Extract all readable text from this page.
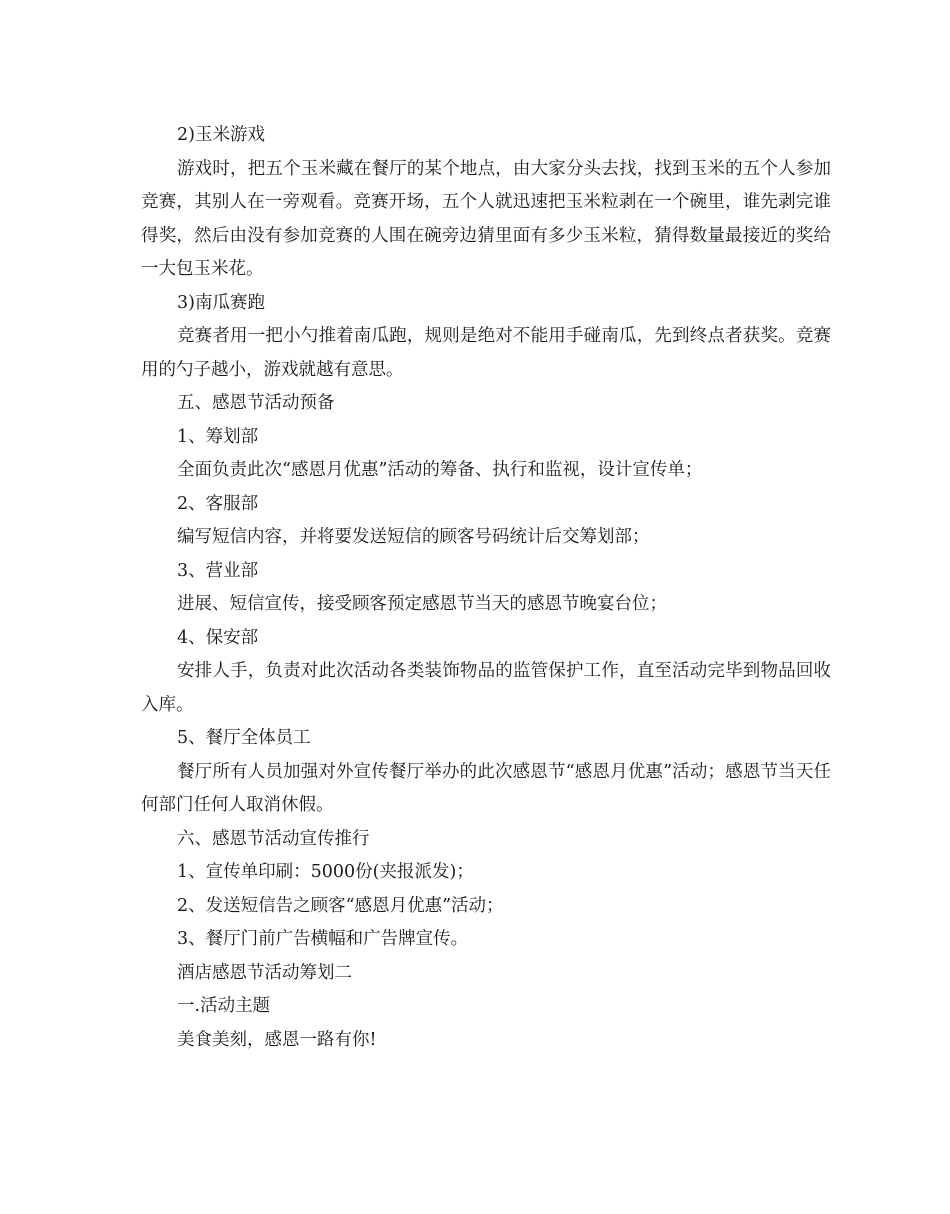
2)玉米游戏

游戏时，把五个玉米藏在餐厅的某个地点，由大家分头去找，找到玉米的五个人参加竞赛，其别人在一旁观看。竞赛开场，五个人就迅速把玉米粒剥在一个碗里，谁先剥完谁得奖，然后由没有参加竞赛的人围在碗旁边猜里面有多少玉米粒，猜得数量最接近的奖给一大包玉米花。

3)南瓜赛跑

竞赛者用一把小勺推着南瓜跑，规则是绝对不能用手碰南瓜，先到终点者获奖。竞赛用的勺子越小，游戏就越有意思。

五、感恩节活动预备

1、筹划部

全面负责此次“感恩月优惠”活动的筹备、执行和监视，设计宣传单；

2、客服部

编写短信内容，并将要发送短信的顾客号码统计后交筹划部；

3、营业部

进展、短信宣传，接受顾客预定感恩节当天的感恩节晚宴台位；

4、保安部

安排人手，负责对此次活动各类装饰物品的监管保护工作，直至活动完毕到物品回收入库。

5、餐厅全体员工

餐厅所有人员加强对外宣传餐厅举办的此次感恩节“感恩月优惠”活动；感恩节当天任何部门任何人取消休假。

六、感恩节活动宣传推行

1、宣传单印刷：5000份(夹报派发)；

2、发送短信告之顾客“感恩月优惠”活动；

3、餐厅门前广告横幅和广告牌宣传。

酒店感恩节活动筹划二

一.活动主题

美食美刻，感恩一路有你!
